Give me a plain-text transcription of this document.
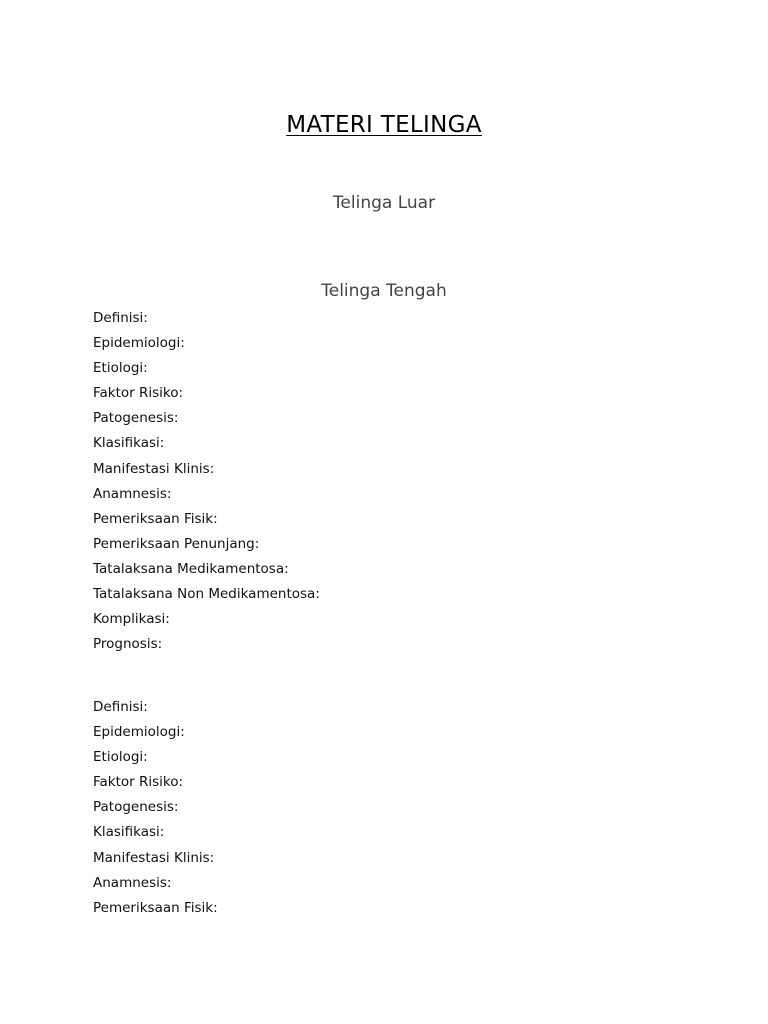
MATERI TELINGA
Telinga Luar
Telinga Tengah
Definisi:
Epidemiologi:
Etiologi:
Faktor Risiko:
Patogenesis:
Klasifikasi:
Manifestasi Klinis:
Anamnesis:
Pemeriksaan Fisik:
Pemeriksaan Penunjang:
Tatalaksana Medikamentosa:
Tatalaksana Non Medikamentosa:
Komplikasi:
Prognosis:
Definisi:
Epidemiologi:
Etiologi:
Faktor Risiko:
Patogenesis:
Klasifikasi:
Manifestasi Klinis:
Anamnesis:
Pemeriksaan Fisik:
